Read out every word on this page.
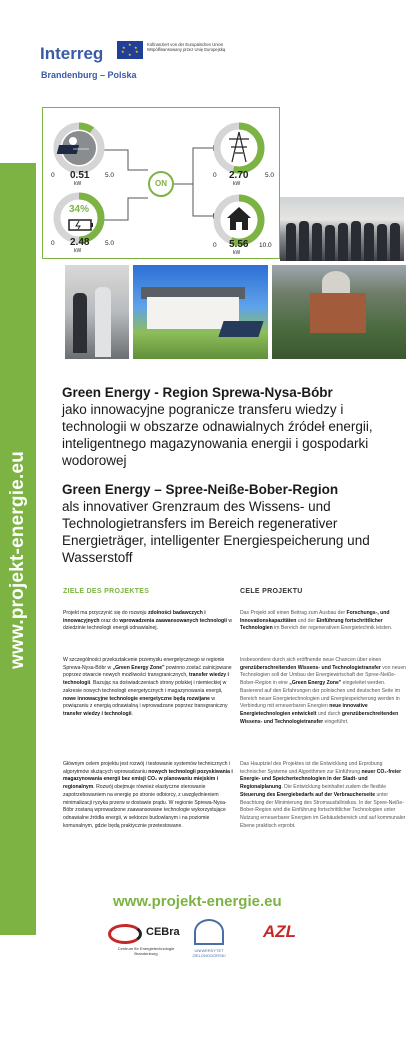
www.projekt-energie.eu
Interreg	★
★ ★
★	★
★
Kofinanziert von der Europäischen Union Współfinansowany przez Unię Europejską
Brandenburg – Polska
ON
0 0.51
kW
5.0
34%
0 2.48
kW
5.0
0 2.70
kW
5.0
0 5.56
kW
10.0
Green Energy - Region Sprewa-Nysa-Bóbr
jako innowacyjne pogranicze transferu wiedzy i technologii w obszarze odnawialnych źródeł energii, inteligentnego magazynowania energii i gospodarki wodorowej
Green Energy – Spree-Neiße-Bober-Region
als innovativer Grenzraum des Wissens- und Technologietransfers im Bereich regenerativer Energieträger, intelligenter Energiespeicherung und Wasserstoff
ZIELE DES PROJEKTES
Projekt ma przyczynić się do rozwoju zdolności badawczych i innowacyjnych oraz do wprowadzenia zaawansowanych technologii w dziedzinie technologii energii odnawialnej.
W szczególności przekształcenie przemysłu energetycznego w regionie Sprewa-Nysa-Bóbr w „Green Energy Zone" powinno zostać zainicjowane poprzez otwarcie nowych możliwości transgranicznych, transfer wiedzy i technologii. Bazując na doświadczeniach strony polskiej i niemieckiej w zakresie nowych technologii energetycznych i magazynowania energii, nowe innowacyjne technologie energetyczne będą rozwijane w powiązaniu z energią odnawialną i wprowadzane poprzez transgraniczny transfer wiedzy i technologii.
Głównym celem projektu jest rozwój i testowanie systemów technicznych i algorytmów służących wprowadzaniu nowych technologii pozyskiwania i magazynowania energii bez emisji CO₂ w planowaniu miejskim i regionalnym. Rozwój obejmuje również elastyczne sterowanie zapotrzebowaniem na energię po stronie odbiorcy, z uwzględnieniem minimalizacji ryzyka przerw w dostawie prądu. W regionie Sprewa-Nysa-Bóbr zostaną wprowadzone zaawansowane technologie wykorzystujące odnawialne źródła energii, w sektorze budowlanym i na poziomie komunalnym, gdzie będą praktycznie przetestowane.
CELE PROJEKTU
Das Projekt soll einen Beitrag zum Ausbau der Forschungs-, und Innovationskapazitäten und der Einführung fortschrittlicher Technologien im Bereich der regenerativen Energietechnik leisten.
Insbesondere durch sich eröffnende neue Chancen über einen grenzüberschreitenden Wissens- und Technologietransfer von neuen Technologien soll der Umbau der Energiewirtschaft der Spree-Neiße-Bober-Region in eine „Green Energy Zone" eingeleitet werden. Basierend auf den Erfahrungen der polnischen und deutschen Seite im Bereich neuer Energietechnologien und Energiespeicherung werden in Verbindung mit erneuerbaren Energien neue innovative Energietechnologien entwickelt und durch grenzüberschreitenden Wissens- und Technologietransfer eingeführt.
Das Hauptziel des Projektes ist die Entwicklung und Erprobung technischer Systeme und Algorithmen zur Einführung neuer CO₂-freier Energie- und Speichertechnologien in der Stadt- und Regionalplanung. Die Entwicklung beinhaltet zudem die flexible Steuerung des Energiebedarfs auf der Verbraucherseite unter Beachtung der Minimierung des Stromausfallrisikos. In der Spree-Neiße-Bober-Region wird die Einführung fortschrittlicher Technologien unter Nutzung erneuerbarer Energien im Gebäudebereich und auf kommunaler Ebene praktisch erprobt.
www.projekt-energie.eu
CEBra
Centrum für Energietechnologie Brandenburg
UNIWERSYTET ZIELONOGÓRSKI
AZL
